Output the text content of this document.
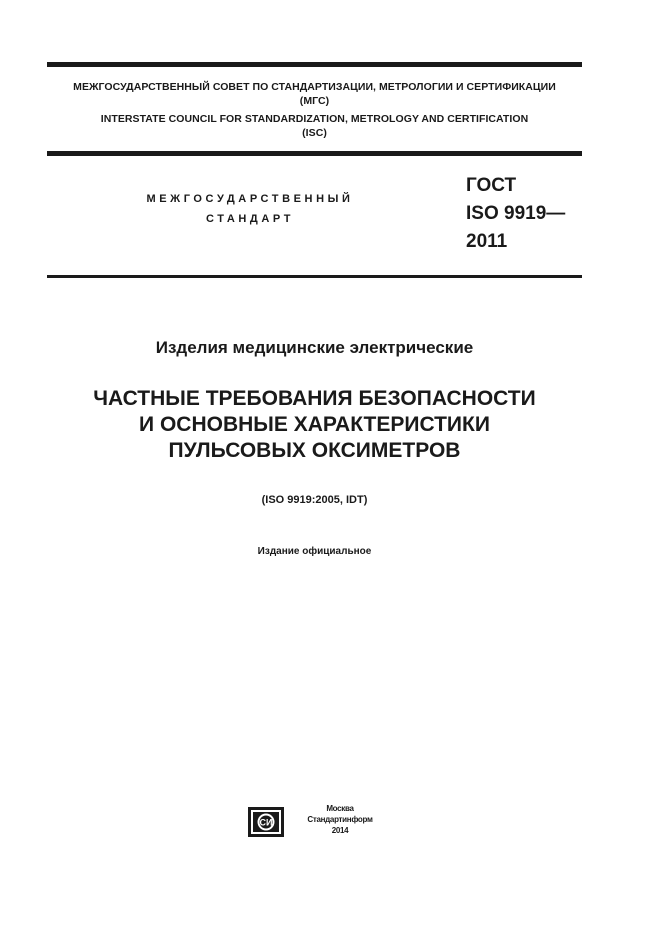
МЕЖГОСУДАРСТВЕННЫЙ СОВЕТ ПО СТАНДАРТИЗАЦИИ, МЕТРОЛОГИИ И СЕРТИФИКАЦИИ
(МГС)
INTERSTATE COUNCIL FOR STANDARDIZATION, METROLOGY AND CERTIFICATION
(ISC)
МЕЖГОСУДАРСТВЕННЫЙ
СТАНДАРТ
ГОСТ
ISO 9919—
2011
Изделия медицинские электрические
ЧАСТНЫЕ ТРЕБОВАНИЯ БЕЗОПАСНОСТИ
И ОСНОВНЫЕ ХАРАКТЕРИСТИКИ
ПУЛЬСОВЫХ ОКСИМЕТРОВ
(ISO 9919:2005, IDT)
Издание официальное
СИ
Москва
Стандартинформ
2014
